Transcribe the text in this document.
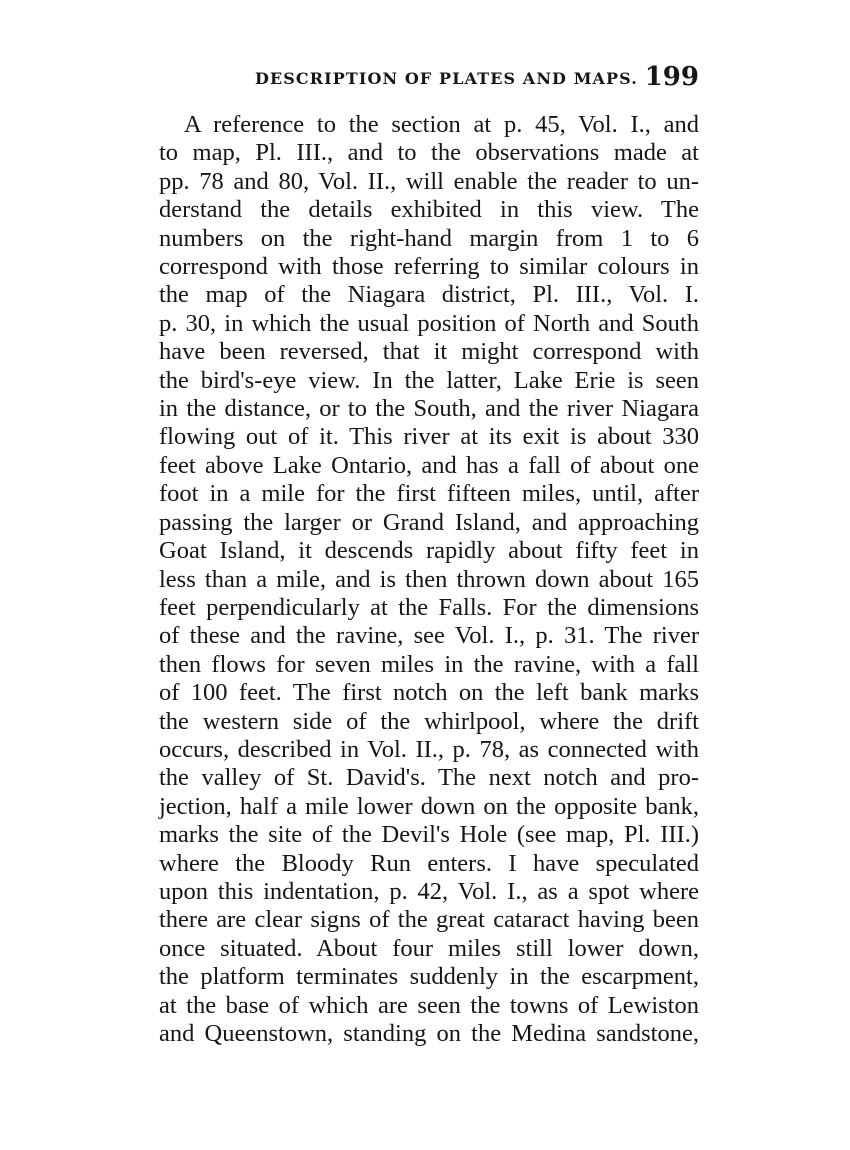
DESCRIPTION OF PLATES AND MAPS. 199
A reference to the section at p. 45, Vol. I., and
to map, Pl. III., and to the observations made at
pp. 78 and 80, Vol. II., will enable the reader to un-
derstand the details exhibited in this view. The
numbers on the right-hand margin from 1 to 6
correspond with those referring to similar colours in
the map of the Niagara district, Pl. III., Vol. I.
p. 30, in which the usual position of North and South
have been reversed, that it might correspond with
the bird's-eye view. In the latter, Lake Erie is seen
in the distance, or to the South, and the river Niagara
flowing out of it. This river at its exit is about 330
feet above Lake Ontario, and has a fall of about one
foot in a mile for the first fifteen miles, until, after
passing the larger or Grand Island, and approaching
Goat Island, it descends rapidly about fifty feet in
less than a mile, and is then thrown down about 165
feet perpendicularly at the Falls. For the dimensions
of these and the ravine, see Vol. I., p. 31. The river
then flows for seven miles in the ravine, with a fall
of 100 feet. The first notch on the left bank marks
the western side of the whirlpool, where the drift
occurs, described in Vol. II., p. 78, as connected with
the valley of St. David's. The next notch and pro-
jection, half a mile lower down on the opposite bank,
marks the site of the Devil's Hole (see map, Pl. III.)
where the Bloody Run enters. I have speculated
upon this indentation, p. 42, Vol. I., as a spot where
there are clear signs of the great cataract having been
once situated. About four miles still lower down,
the platform terminates suddenly in the escarpment,
at the base of which are seen the towns of Lewiston
and Queenstown, standing on the Medina sandstone,
